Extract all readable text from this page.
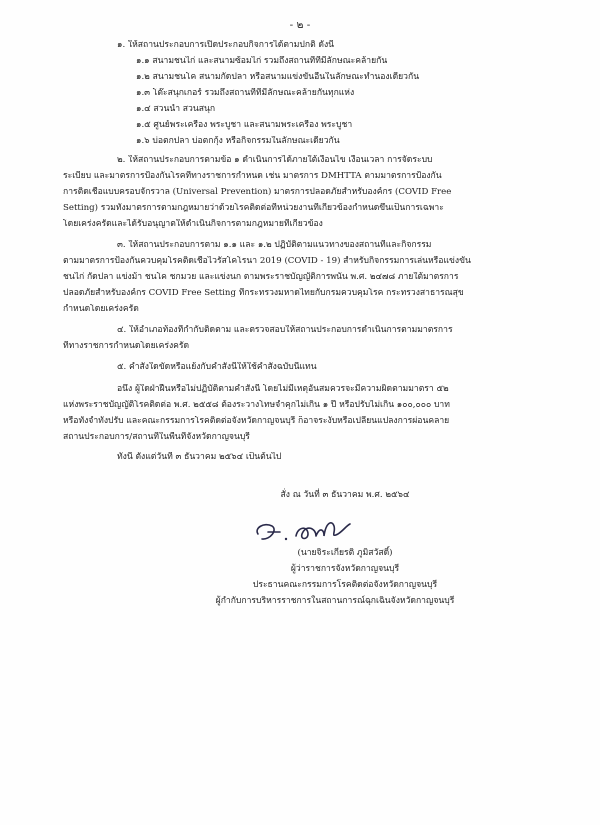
- ๒ -
๑. ให้สถานประกอบการเปิดประกอบกิจการได้ตามปกติ ดังนี้
๑.๑ สนามชนไก่ และสนามซ้อมไก่ รวมถึงสถานที่ที่มีลักษณะคล้ายกัน
๑.๒ สนามชนโค สนามกัดปลา หรือสนามแข่งขันอื่นในลักษณะทำนองเดียวกัน
๑.๓ โต๊ะสนุกเกอร์ รวมถึงสถานที่ที่มีลักษณะคล้ายกันทุกแห่ง
๑.๔ สวนน้ำ สวนสนุก
๑.๕ ศูนย์พระเครื่อง พระบูชา และสนามพระเครื่อง พระบูชา
๑.๖ บ่อตกปลา บ่อตกกุ้ง หรือกิจกรรมในลักษณะเดียวกัน
๒. ให้สถานประกอบการตามข้อ ๑ ดำเนินการได้ภายใต้เงื่อนไข เงื่อนเวลา การจัดระบบ
ระเบียบ และมาตรการป้องกันโรคที่ทางราชการกำหนด เช่น มาตรการ DMHTTA ตามมาตรการป้องกัน
การติดเชื้อแบบครอบจักรวาล (Universal Prevention) มาตรการปลอดภัยสำหรับองค์กร (COVID Free
Setting) รวมทั้งมาตรการตามกฎหมายว่าด้วยโรคติดต่อที่หน่วยงานที่เกี่ยวข้องกำหนดขึ้นเป็นการเฉพาะ
โดยเคร่งครัดและได้รับอนุญาตให้ดำเนินกิจการตามกฎหมายที่เกี่ยวข้อง
๓. ให้สถานประกอบการตาม ๑.๑ และ ๑.๒ ปฏิบัติตามแนวทางของสถานที่และกิจกรรม
ตามมาตรการป้องกันควบคุมโรคติดเชื้อไวรัสโคโรนา 2019 (COVID - 19) สำหรับกิจกรรมการเล่นหรือแข่งขัน
ชนไก่ กัดปลา แข่งม้า ชนโค ชกมวย และแข่งนก ตามพระราชบัญญัติการพนัน พ.ศ. ๒๔๗๘ ภายใต้มาตรการ
ปลอดภัยสำหรับองค์กร COVID Free Setting ที่กระทรวงมหาดไทยกับกรมควบคุมโรค กระทรวงสาธารณสุข
กำหนดโดยเคร่งครัด
๔. ให้อำเภอท้องที่กำกับติดตาม และตรวจสอบให้สถานประกอบการดำเนินการตามมาตรการ
ที่ทางราชการกำหนดโดยเคร่งครัด
๕. คำสั่งใดขัดหรือแย้งกับคำสั่งนี้ให้ใช้คำสั่งฉบับนี้แทน
อนึ่ง ผู้ใดฝ่าฝืนหรือไม่ปฏิบัติตามคำสั่งนี้ โดยไม่มีเหตุอันสมควรจะมีความผิดตามมาตรา ๕๒
แห่งพระราชบัญญัติโรคติดต่อ พ.ศ. ๒๕๕๘ ต้องระวางโทษจำคุกไม่เกิน ๑ ปี หรือปรับไม่เกิน ๑๐๐,๐๐๐ บาท
หรือทั้งจำทั้งปรับ และคณะกรรมการโรคติดต่อจังหวัดกาญจนบุรี ก็อาจระงับหรือเปลี่ยนแปลงการผ่อนคลาย
สถานประกอบการ/สถานที่ในพื้นที่จังหวัดกาญจนบุรี
ทั้งนี้ ตั้งแต่วันที่ ๓ ธันวาคม ๒๕๖๔ เป็นต้นไป
สั่ง ณ วันที่ ๓ ธันวาคม พ.ศ. ๒๕๖๔
(นายจิระเกียรติ ภูมิสวัสดิ์)
ผู้ว่าราชการจังหวัดกาญจนบุรี
ประธานคณะกรรมการโรคติดต่อจังหวัดกาญจนบุรี
ผู้กำกับการบริหารราชการในสถานการณ์ฉุกเฉินจังหวัดกาญจนบุรี
